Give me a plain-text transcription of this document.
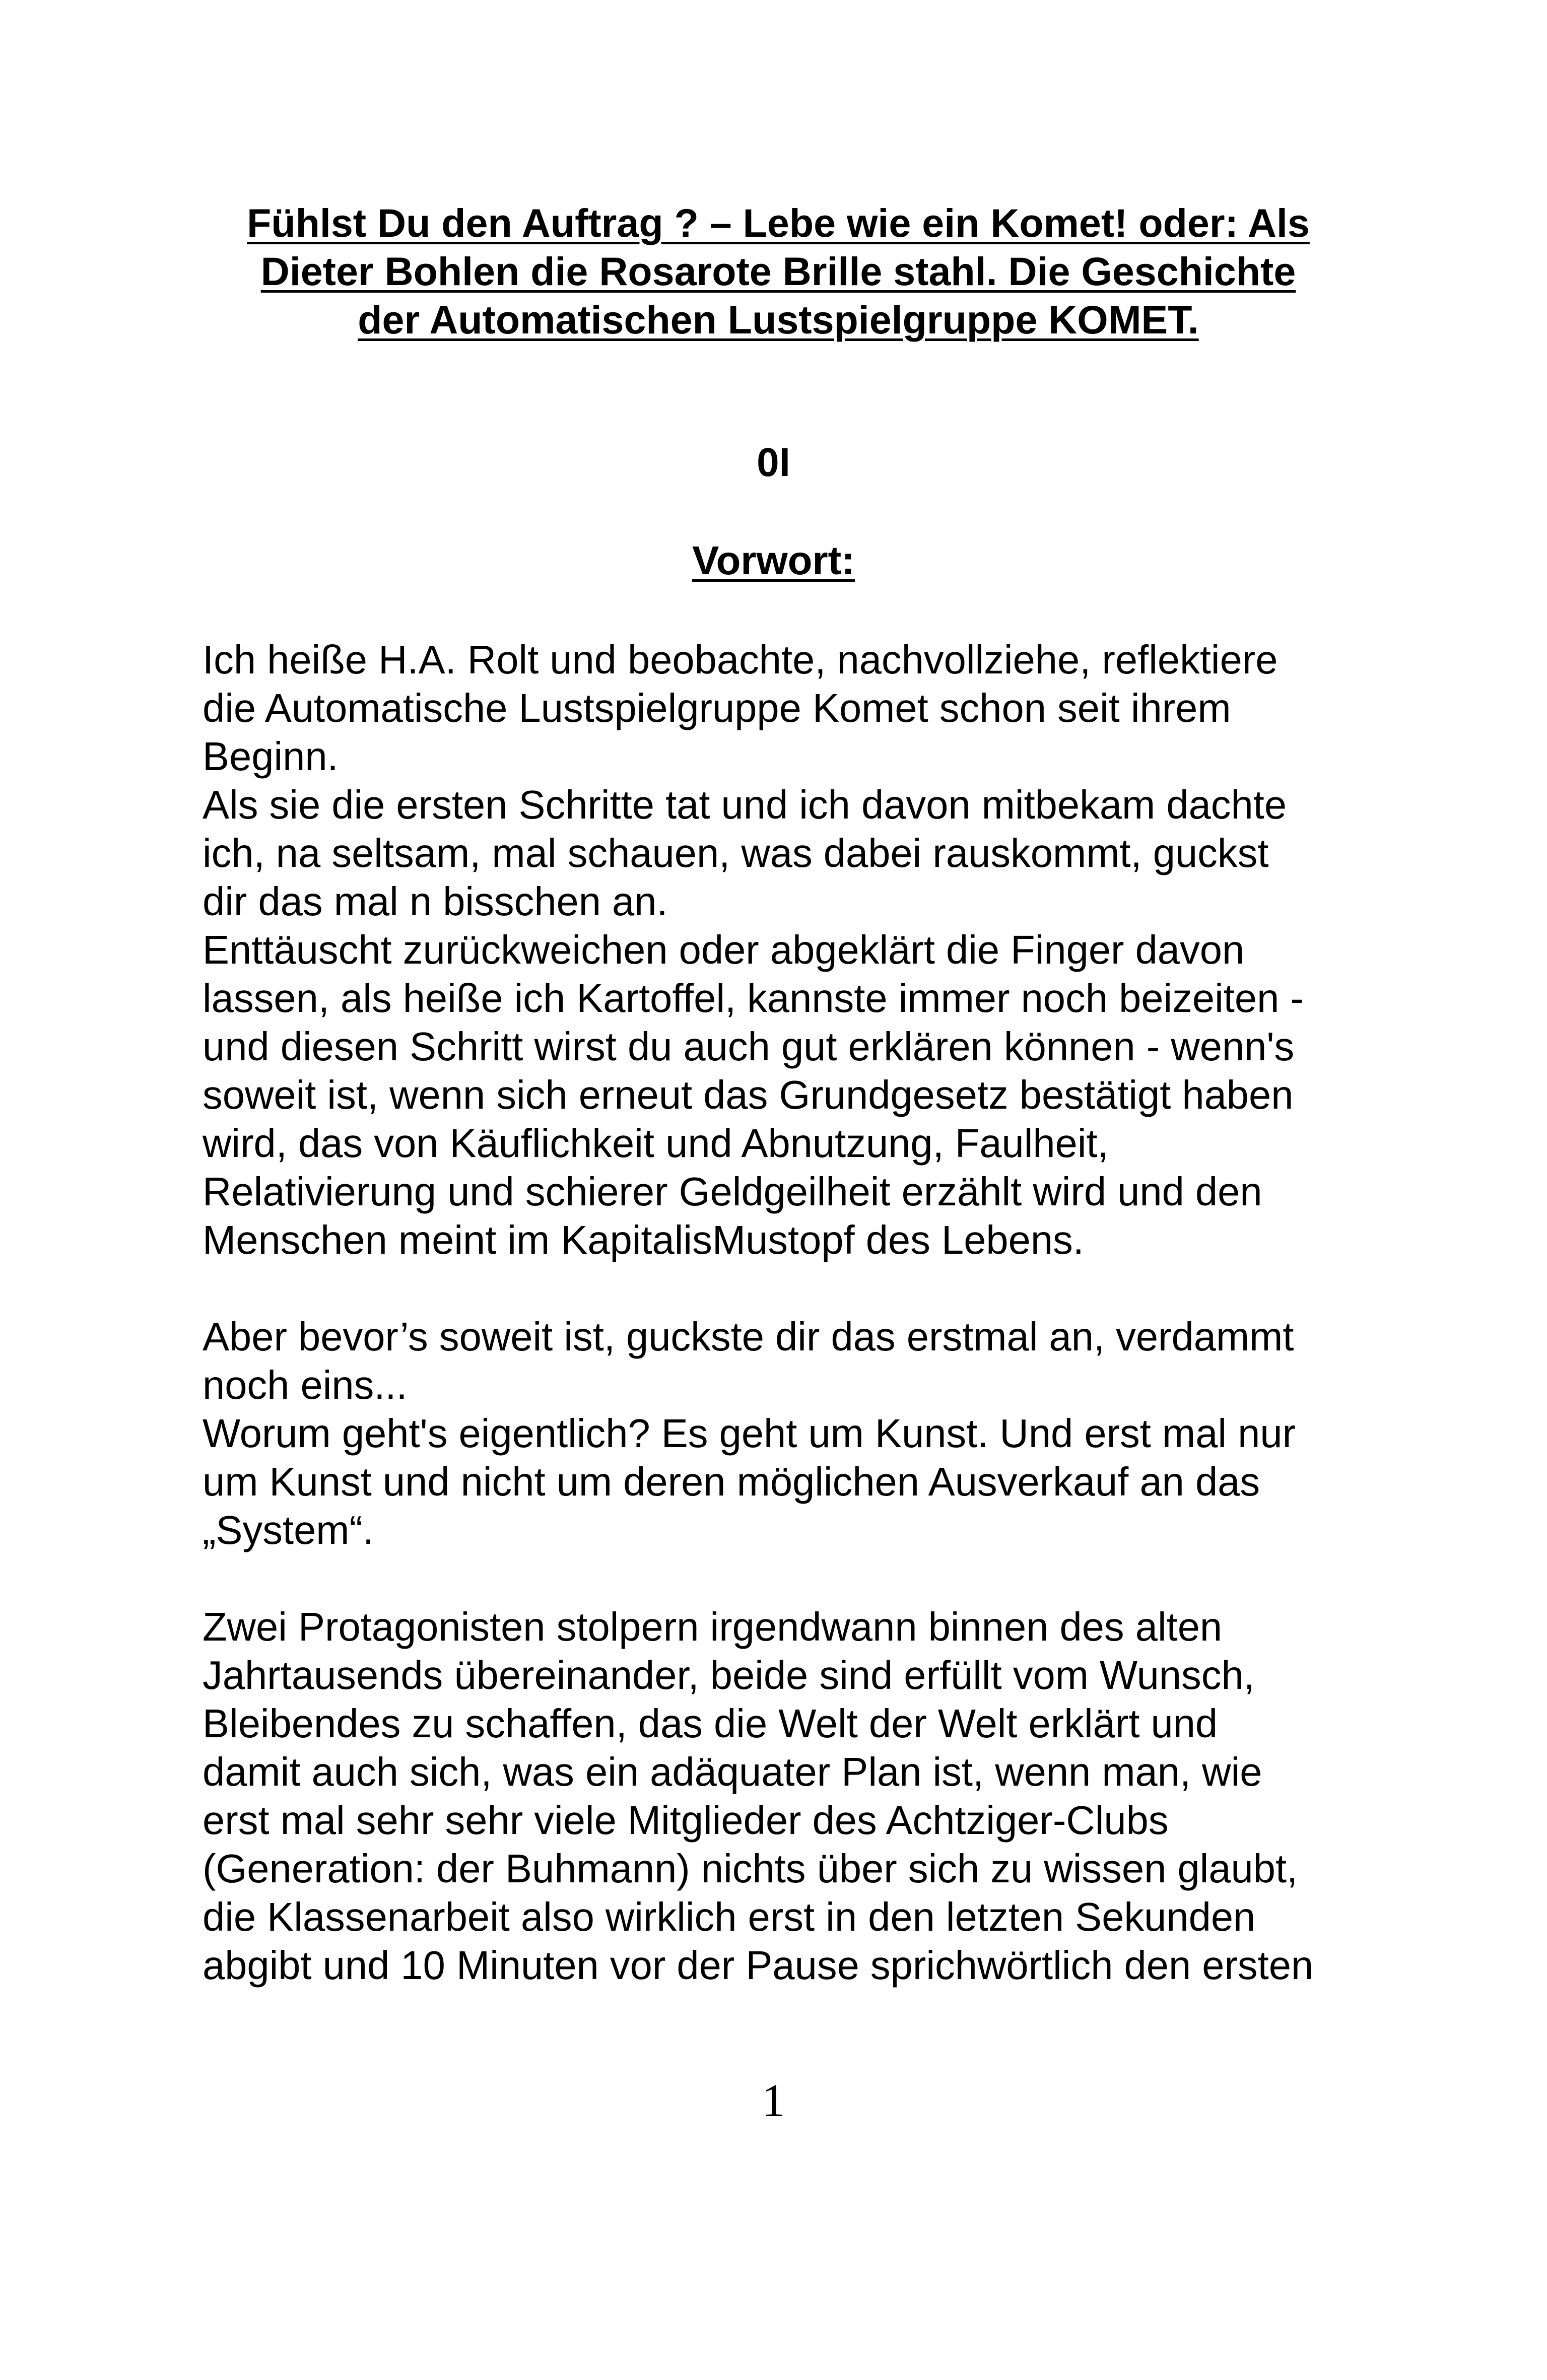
Fühlst Du den Auftrag ? – Lebe wie ein Komet! oder: Als
Dieter Bohlen die Rosarote Brille stahl. Die Geschichte
der Automatischen Lustspielgruppe KOMET.
0I
Vorwort:
Ich heiße H.A. Rolt und beobachte, nachvollziehe, reflektiere
die Automatische Lustspielgruppe Komet schon seit ihrem
Beginn.
Als sie die ersten Schritte tat und ich davon mitbekam dachte
ich, na seltsam, mal schauen, was dabei rauskommt, guckst
dir das mal n bisschen an.
Enttäuscht zurückweichen oder abgeklärt die Finger davon
lassen, als heiße ich Kartoffel, kannste immer noch beizeiten -
und diesen Schritt wirst du auch gut erklären können - wenn's
soweit ist, wenn sich erneut das Grundgesetz bestätigt haben
wird, das von Käuflichkeit und Abnutzung, Faulheit,
Relativierung und schierer Geldgeilheit erzählt wird und den
Menschen meint im KapitalisMustopf des Lebens.
Aber bevor’s soweit ist, guckste dir das erstmal an, verdammt
noch eins...
Worum geht's eigentlich? Es geht um Kunst. Und erst mal nur
um Kunst und nicht um deren möglichen Ausverkauf an das
„System“.
Zwei Protagonisten stolpern irgendwann binnen des alten
Jahrtausends übereinander, beide sind erfüllt vom Wunsch,
Bleibendes zu schaffen, das die Welt der Welt erklärt und
damit auch sich, was ein adäquater Plan ist, wenn man, wie
erst mal sehr sehr viele Mitglieder des Achtziger-Clubs
(Generation: der Buhmann) nichts über sich zu wissen glaubt,
die Klassenarbeit also wirklich erst in den letzten Sekunden
abgibt und 10 Minuten vor der Pause sprichwörtlich den ersten
1
